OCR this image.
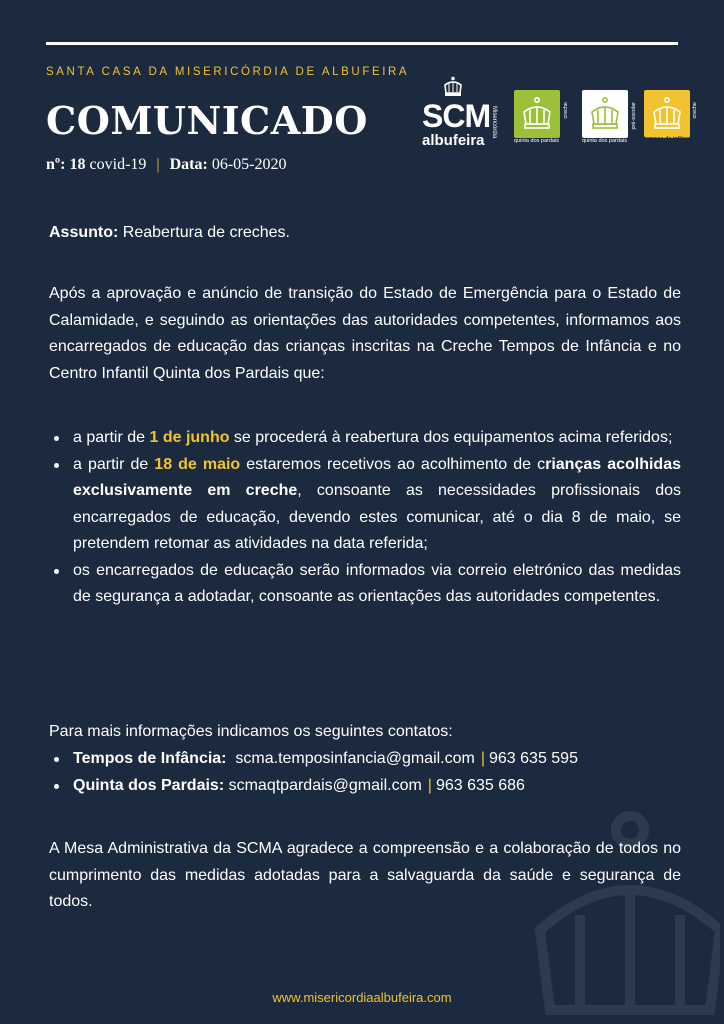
SANTA CASA DA MISERICÓRDIA DE ALBUFEIRA
COMUNICADO
nº: 18 covid-19 | Data: 06-05-2020
SCM
albufeira
Misericórdia
quinta dos pardais
creche
quinta dos pardais
pré-escolar
tempos de infância
creche
Assunto: Reabertura de creches.
Após a aprovação e anúncio de transição do Estado de Emergência para o Estado de Calamidade, e seguindo as orientações das autoridades competentes, informamos aos encarregados de educação das crianças inscritas na Creche Tempos de Infância e no Centro Infantil Quinta dos Pardais que:
a partir de 1 de junho se procederá à reabertura dos equipamentos acima referidos;
a partir de 18 de maio estaremos recetivos ao acolhimento de crianças acolhidas exclusivamente em creche, consoante as necessidades profissionais dos encarregados de educação, devendo estes comunicar, até o dia 8 de maio, se pretendem retomar as atividades na data referida;
os encarregados de educação serão informados via correio eletrónico das medidas de segurança a adotadar, consoante as orientações das autoridades competentes.
Para mais informações indicamos os seguintes contatos:
Tempos de Infância: scma.temposinfancia@gmail.com | 963 635 595
Quinta dos Pardais: scmaqtpardais@gmail.com | 963 635 686
A Mesa Administrativa da SCMA agradece a compreensão e a colaboração de todos no cumprimento das medidas adotadas para a salvaguarda da saúde e segurança de todos.
www.misericordiaalbufeira.com
